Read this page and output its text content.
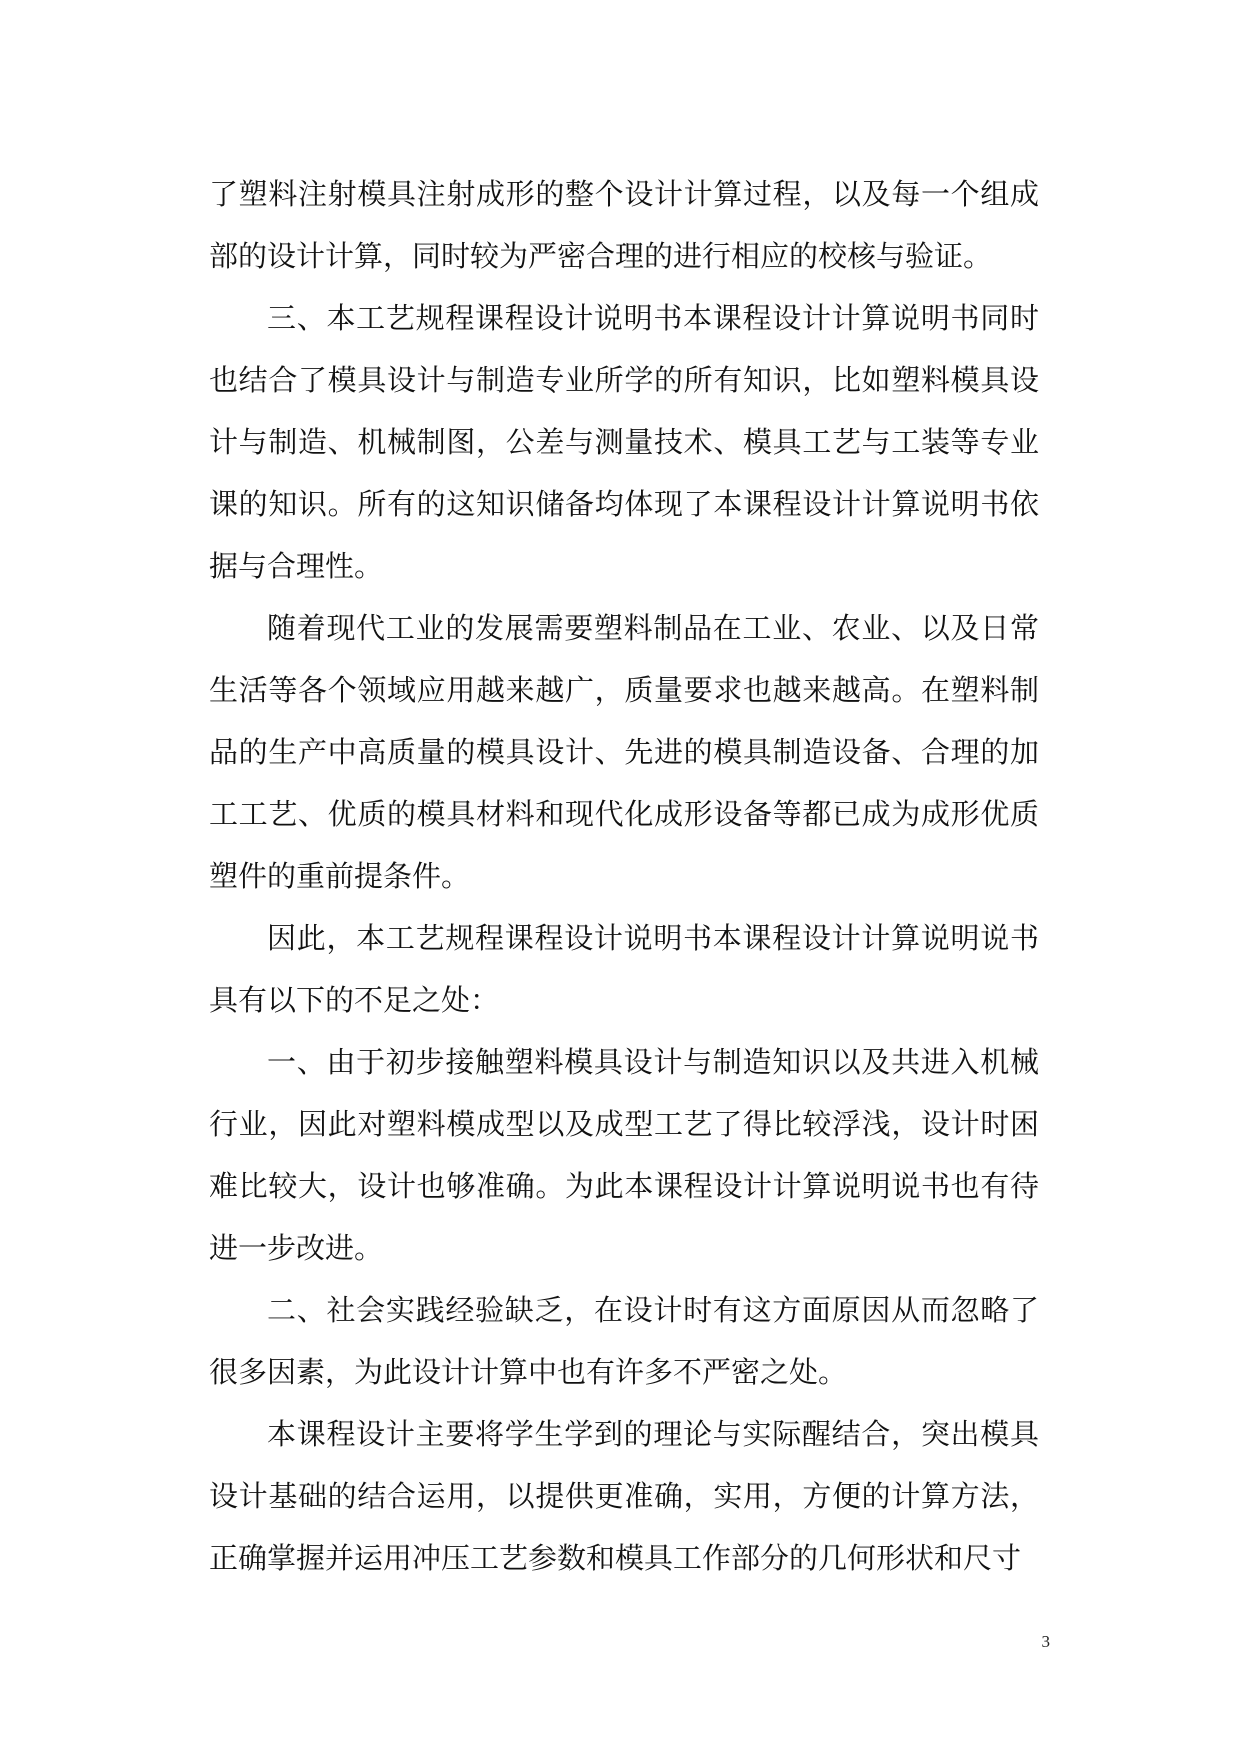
了塑料注射模具注射成形的整个设计计算过程，以及每一个组成部的设计计算，同时较为严密合理的进行相应的校核与验证。

三、本工艺规程课程设计说明书本课程设计计算说明书同时也结合了模具设计与制造专业所学的所有知识，比如塑料模具设计与制造、机械制图，公差与测量技术、模具工艺与工装等专业课的知识。所有的这知识储备均体现了本课程设计计算说明书依据与合理性。

随着现代工业的发展需要塑料制品在工业、农业、以及日常生活等各个领域应用越来越广，质量要求也越来越高。在塑料制品的生产中高质量的模具设计、先进的模具制造设备、合理的加工工艺、优质的模具材料和现代化成形设备等都已成为成形优质塑件的重前提条件。

因此，本工艺规程课程设计说明书本课程设计计算说明说书具有以下的不足之处：

一、由于初步接触塑料模具设计与制造知识以及共进入机械行业，因此对塑料模成型以及成型工艺了得比较浮浅，设计时困难比较大，设计也够准确。为此本课程设计计算说明说书也有待进一步改进。

二、社会实践经验缺乏，在设计时有这方面原因从而忽略了很多因素，为此设计计算中也有许多不严密之处。

本课程设计主要将学生学到的理论与实际醒结合，突出模具设计基础的结合运用，以提供更准确，实用，方便的计算方法，正确掌握并运用冲压工艺参数和模具工作部分的几何形状和尺寸

3
